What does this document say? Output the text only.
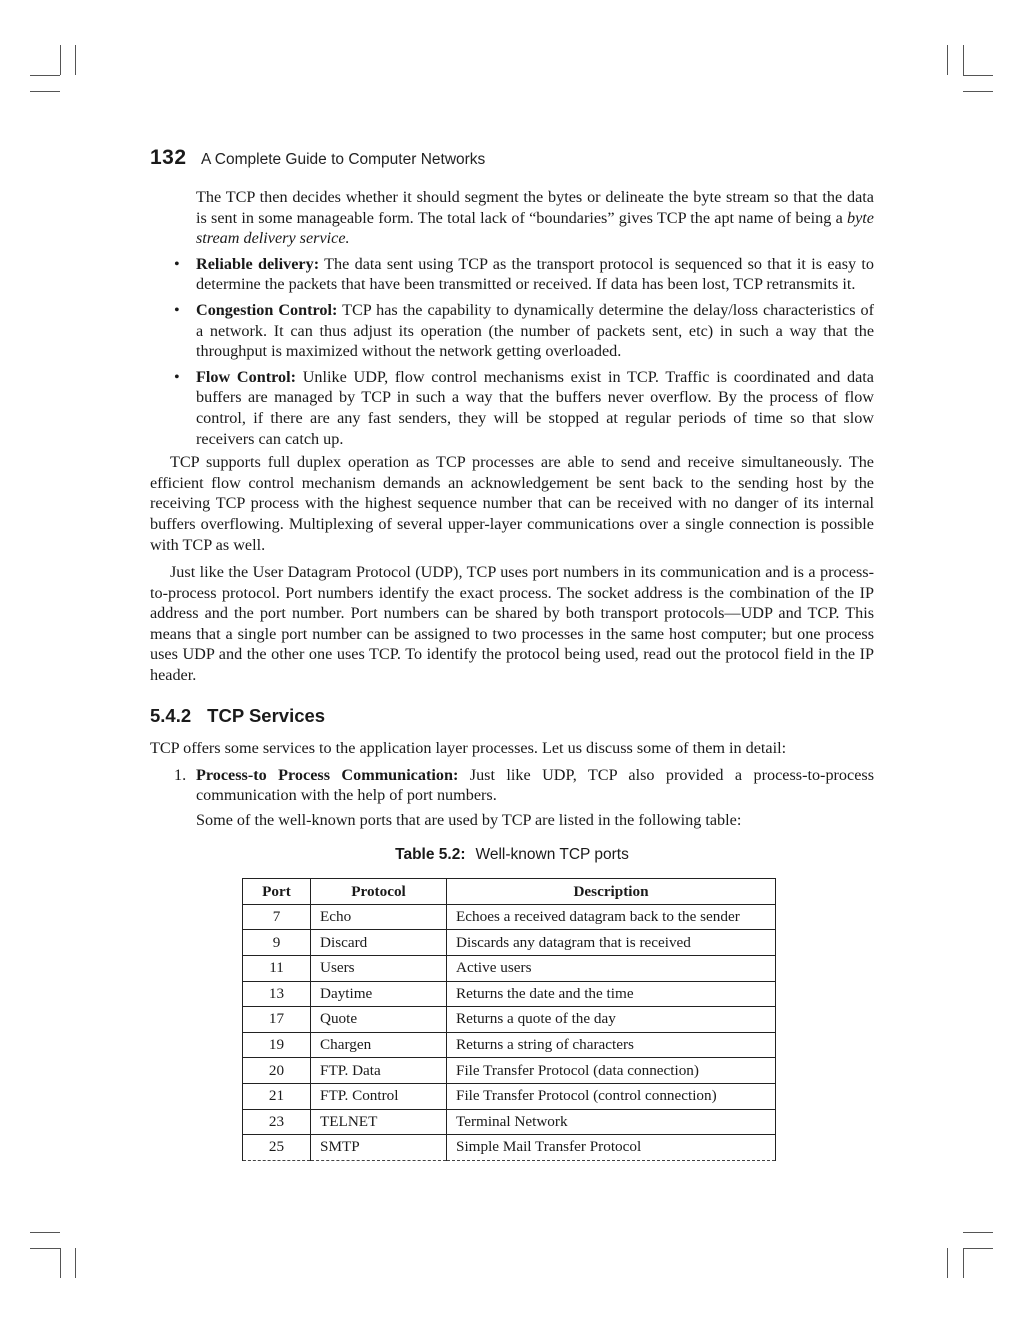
132 A Complete Guide to Computer Networks

The TCP then decides whether it should segment the bytes or delineate the byte stream so that the data is sent in some manageable form. The total lack of “boundaries” gives TCP the apt name of being a byte stream delivery service.

• Reliable delivery: The data sent using TCP as the transport protocol is sequenced so that it is easy to determine the packets that have been transmitted or received. If data has been lost, TCP retransmits it.
• Congestion Control: TCP has the capability to dynamically determine the delay/loss characteristics of a network. It can thus adjust its operation (the number of packets sent, etc) in such a way that the throughput is maximized without the network getting overloaded.
• Flow Control: Unlike UDP, flow control mechanisms exist in TCP. Traffic is coordinated and data buffers are managed by TCP in such a way that the buffers never overflow. By the process of flow control, if there are any fast senders, they will be stopped at regular periods of time so that slow receivers can catch up.

TCP supports full duplex operation as TCP processes are able to send and receive simultaneously. The efficient flow control mechanism demands an acknowledgement be sent back to the sending host by the receiving TCP process with the highest sequence number that can be received with no danger of its internal buffers overflowing. Multiplexing of several upper-layer communications over a single connection is possible with TCP as well.

Just like the User Datagram Protocol (UDP), TCP uses port numbers in its communication and is a process-to-process protocol. Port numbers identify the exact process. The socket address is the combination of the IP address and the port number. Port numbers can be shared by both transport protocols—UDP and TCP. This means that a single port number can be assigned to two processes in the same host computer; but one process uses UDP and the other one uses TCP. To identify the protocol being used, read out the protocol field in the IP header.

5.4.2 TCP Services

TCP offers some services to the application layer processes. Let us discuss some of them in detail:

1. Process-to Process Communication: Just like UDP, TCP also provided a process-to-process communication with the help of port numbers.

Some of the well-known ports that are used by TCP are listed in the following table:

Table 5.2: Well-known TCP ports
Port	Protocol	Description
7	Echo	Echoes a received datagram back to the sender
9	Discard	Discards any datagram that is received
11	Users	Active users
13	Daytime	Returns the date and the time
17	Quote	Returns a quote of the day
19	Chargen	Returns a string of characters
20	FTP. Data	File Transfer Protocol (data connection)
21	FTP. Control	File Transfer Protocol (control connection)
23	TELNET	Terminal Network
25	SMTP	Simple Mail Transfer Protocol
